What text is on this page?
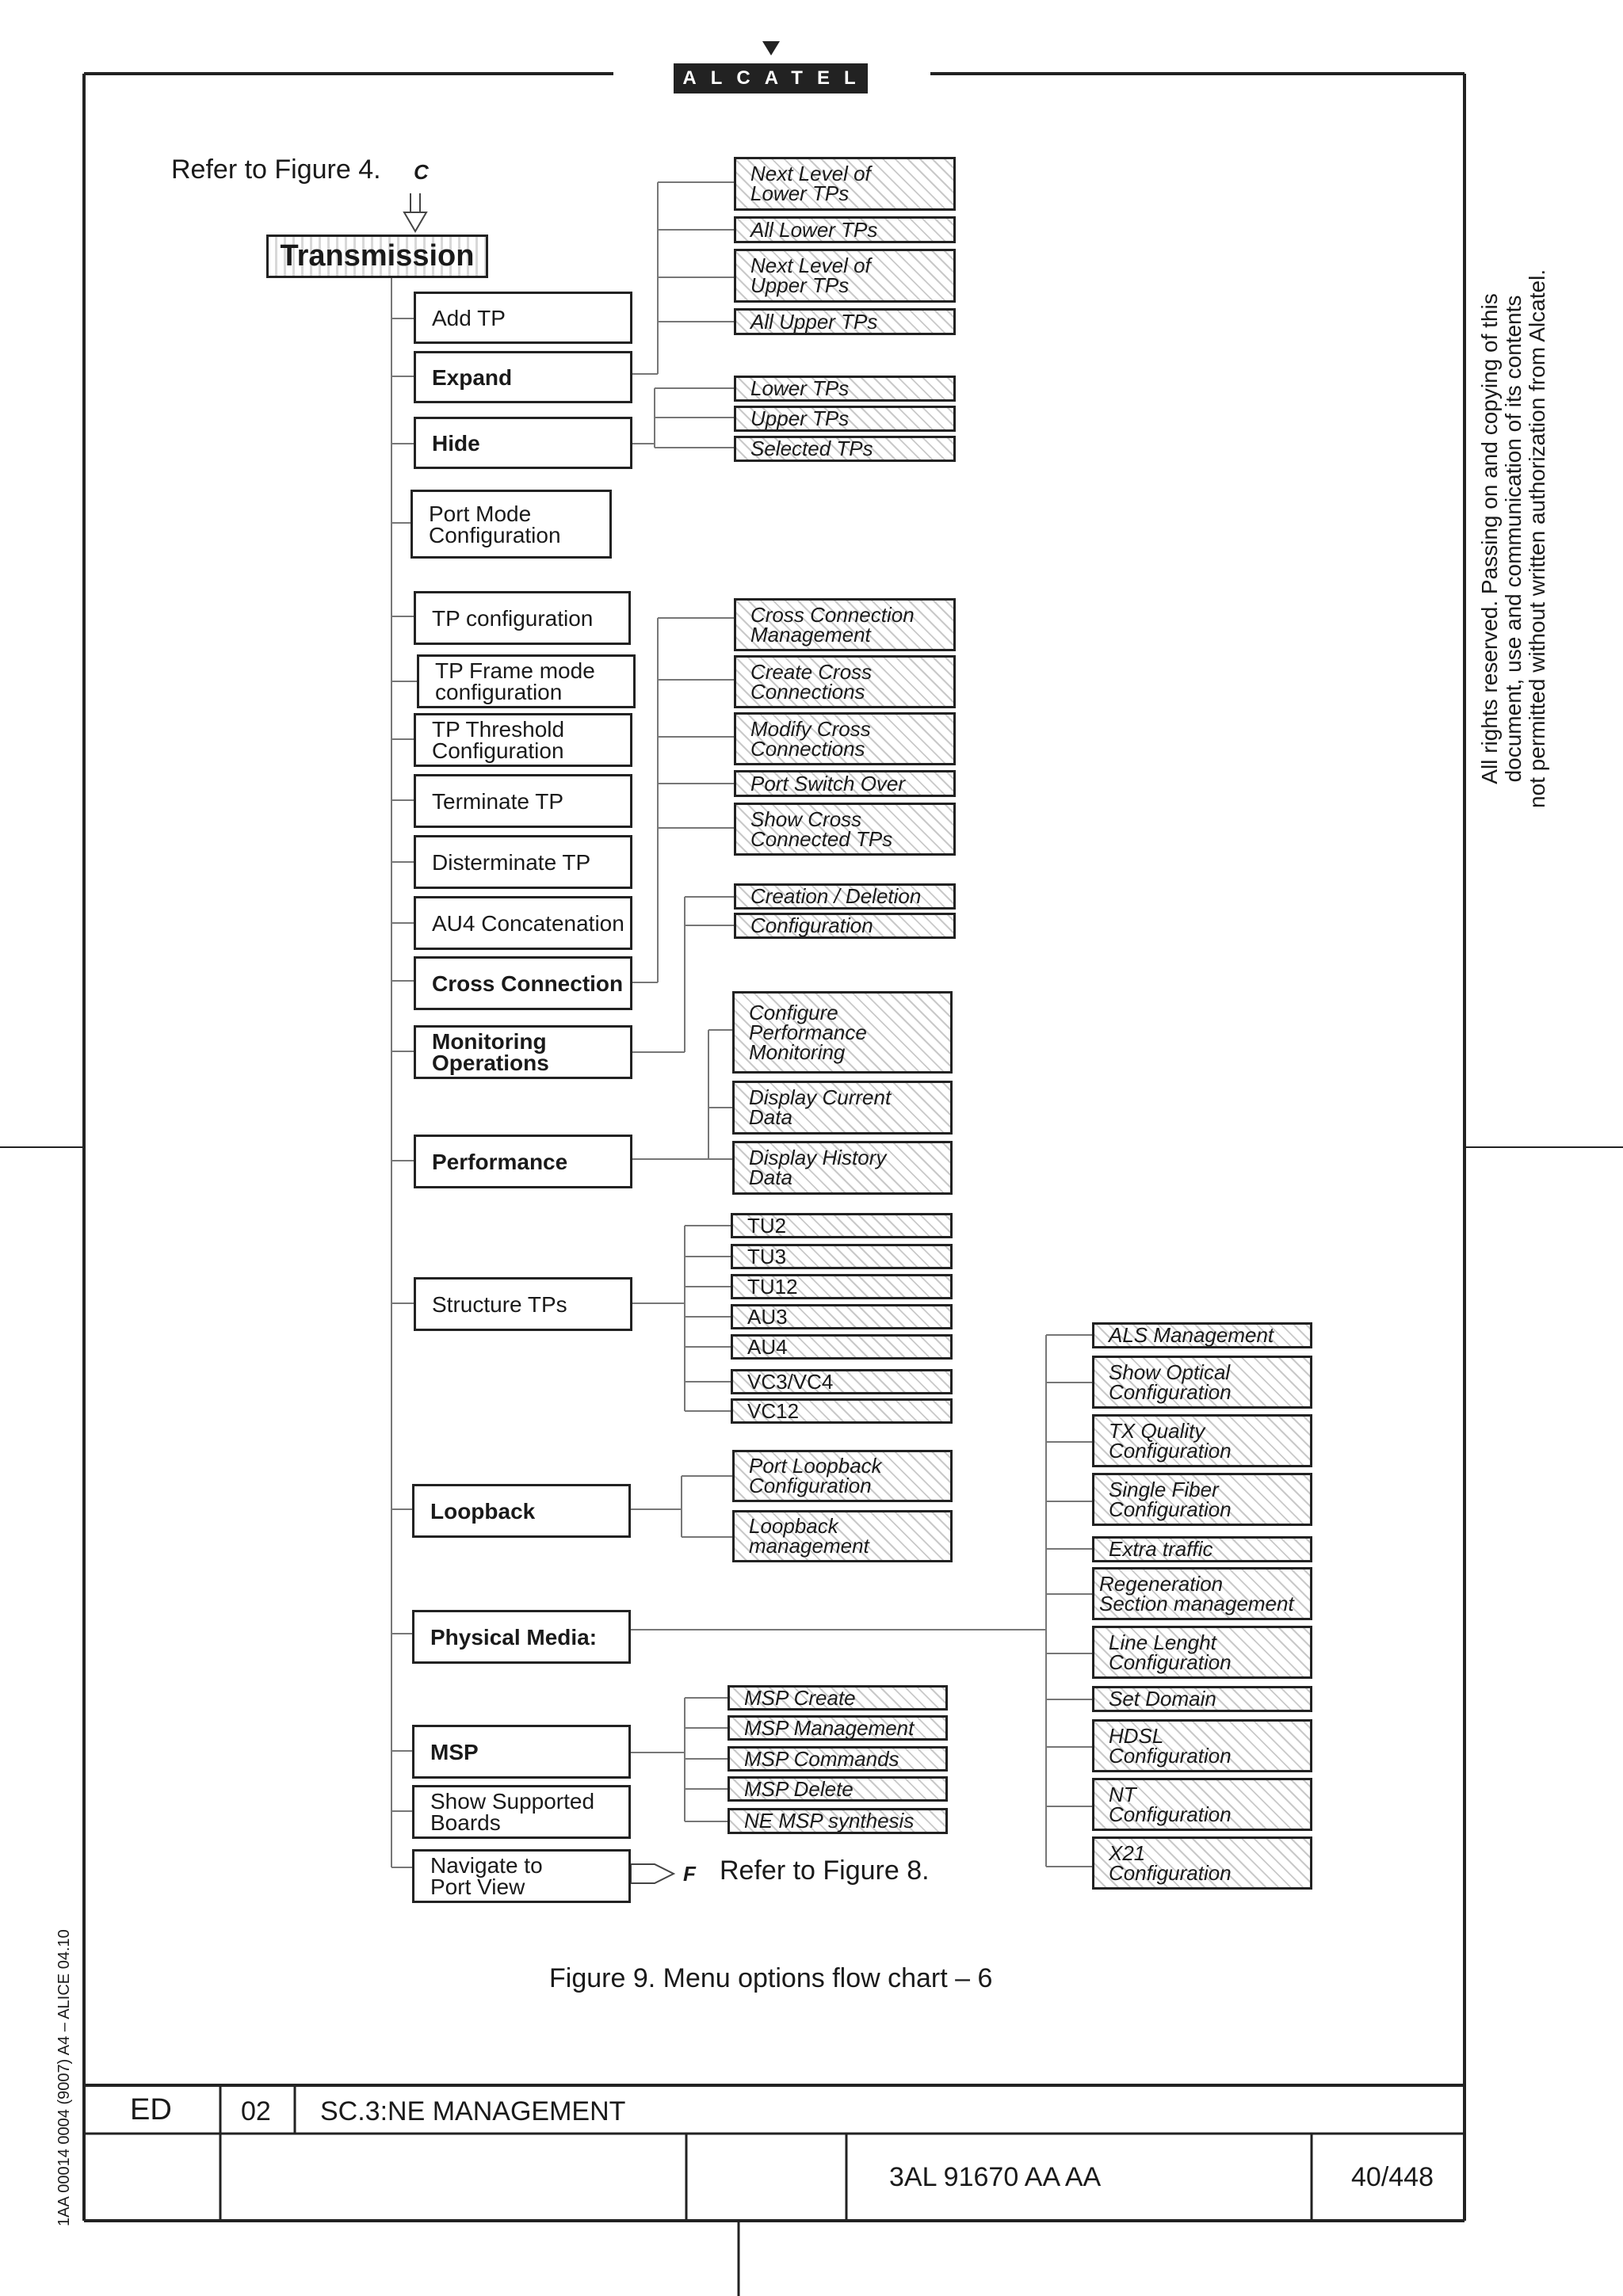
ALCATEL
Refer to Figure 4. C
F Refer to Figure 8.
Transmission
Add TP
Expand
Hide
Port Mode
Configuration
TP configuration
TP Frame mode
configuration
TP Threshold
Configuration
Terminate TP
Disterminate TP
AU4 Concatenation
Cross Connection
Monitoring
Operations
Performance
Structure TPs
Loopback
Physical Media:
MSP
Show Supported
Boards
Navigate to
Port View
Next Level of
Lower TPs
All Lower TPs
Next Level of
Upper TPs
All Upper TPs
Lower TPs
Upper TPs
Selected TPs
Cross Connection
Management
Create Cross
Connections
Modify Cross
Connections
Port Switch Over
Show Cross
Connected TPs
Creation / Deletion
Configuration
Configure
Performance
Monitoring
Display Current
Data
Display History
Data
TU2
TU3
TU12
AU3
AU4
VC3/VC4
VC12
Port Loopback
Configuration
Loopback
management
MSP Create
MSP Management
MSP Commands
MSP Delete
NE MSP synthesis
ALS Management
Show Optical
Configuration
TX Quality
Configuration
Single Fiber
Configuration
Extra traffic
Regeneration
Section management
Line Lenght
Configuration
Set Domain
HDSL
Configuration
NT
Configuration
X21
Configuration
Figure 9. Menu options flow chart – 6
All rights reserved. Passing on and copying of this document, use and communication of its contents not permitted without written authorization from Alcatel.
1AA 00014 0004 (9007) A4 – ALICE 04.10 ED	02 SC.3:NE MANAGEMENT
3AL 91670 AA AA	40/448
